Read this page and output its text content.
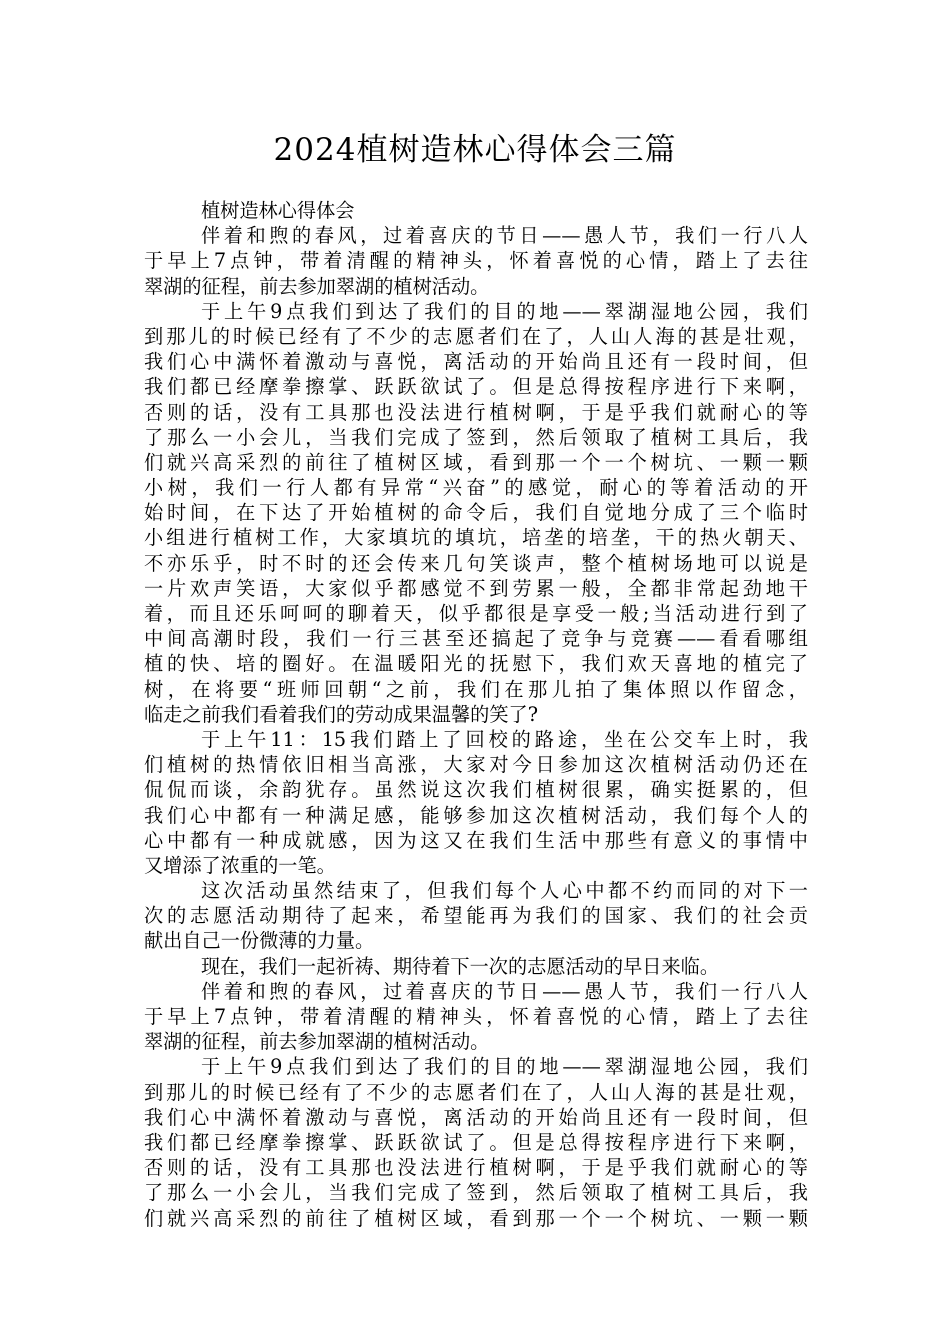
2024植树造林心得体会三篇
植树造林心得体会
伴着和煦的春风，过着喜庆的节日——愚人节，我们一行八人
于早上7点钟，带着清醒的精神头，怀着喜悦的心情，踏上了去往
翠湖的征程，前去参加翠湖的植树活动。
于上午9点我们到达了我们的目的地——翠湖湿地公园，我们
到那儿的时候已经有了不少的志愿者们在了，人山人海的甚是壮观，
我们心中满怀着激动与喜悦，离活动的开始尚且还有一段时间，但
我们都已经摩拳擦掌、跃跃欲试了。但是总得按程序进行下来啊，
否则的话，没有工具那也没法进行植树啊，于是乎我们就耐心的等
了那么一小会儿，当我们完成了签到，然后领取了植树工具后，我
们就兴高采烈的前往了植树区域，看到那一个一个树坑、一颗一颗
小树，我们一行人都有异常“兴奋”的感觉，耐心的等着活动的开
始时间，在下达了开始植树的命令后，我们自觉地分成了三个临时
小组进行植树工作，大家填坑的填坑，培垄的培垄，干的热火朝天、
不亦乐乎，时不时的还会传来几句笑谈声，整个植树场地可以说是
一片欢声笑语，大家似乎都感觉不到劳累一般，全都非常起劲地干
着，而且还乐呵呵的聊着天，似乎都很是享受一般;当活动进行到了
中间高潮时段，我们一行三甚至还搞起了竞争与竞赛——看看哪组
植的快、培的圈好。在温暖阳光的抚慰下，我们欢天喜地的植完了
树，在将要“班师回朝“之前，我们在那儿拍了集体照以作留念，
临走之前我们看着我们的劳动成果温馨的笑了?
于上午11：15我们踏上了回校的路途，坐在公交车上时，我
们植树的热情依旧相当高涨，大家对今日参加这次植树活动仍还在
侃侃而谈，余韵犹存。虽然说这次我们植树很累，确实挺累的，但
我们心中都有一种满足感，能够参加这次植树活动，我们每个人的
心中都有一种成就感，因为这又在我们生活中那些有意义的事情中
又增添了浓重的一笔。
这次活动虽然结束了，但我们每个人心中都不约而同的对下一
次的志愿活动期待了起来，希望能再为我们的国家、我们的社会贡
献出自己一份微薄的力量。
现在，我们一起祈祷、期待着下一次的志愿活动的早日来临。
伴着和煦的春风，过着喜庆的节日——愚人节，我们一行八人
于早上7点钟，带着清醒的精神头，怀着喜悦的心情，踏上了去往
翠湖的征程，前去参加翠湖的植树活动。
于上午9点我们到达了我们的目的地——翠湖湿地公园，我们
到那儿的时候已经有了不少的志愿者们在了，人山人海的甚是壮观，
我们心中满怀着激动与喜悦，离活动的开始尚且还有一段时间，但
我们都已经摩拳擦掌、跃跃欲试了。但是总得按程序进行下来啊，
否则的话，没有工具那也没法进行植树啊，于是乎我们就耐心的等
了那么一小会儿，当我们完成了签到，然后领取了植树工具后，我
们就兴高采烈的前往了植树区域，看到那一个一个树坑、一颗一颗
